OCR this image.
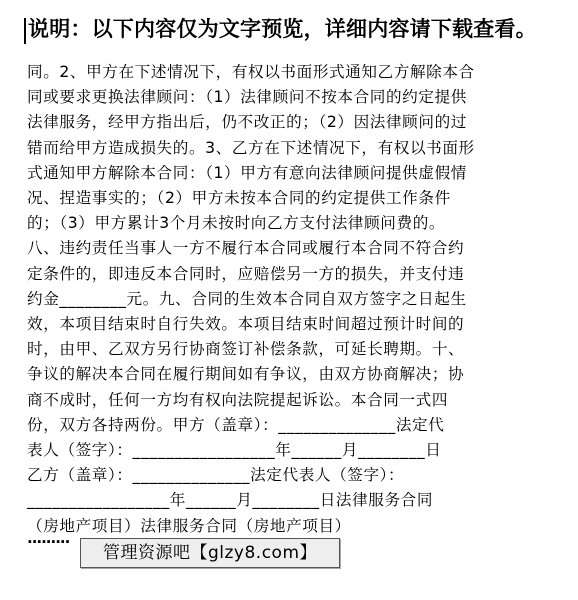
说明：以下内容仅为文字预览，详细内容请下载查看。
同。2、甲方在下述情况下，有权以书面形式通知乙方解除本合
同或要求更换法律顾问：（1）法律顾问不按本合同的约定提供
法律服务，经甲方指出后，仍不改正的；（2）因法律顾问的过
错而给甲方造成损失的。3、乙方在下述情况下，有权以书面形
式通知甲方解除本合同：（1）甲方有意向法律顾问提供虚假情
况、捏造事实的；（2）甲方未按本合同的约定提供工作条件
的；（3）甲方累计3个月未按时向乙方支付法律顾问费的。
八、违约责任当事人一方不履行本合同或履行本合同不符合约
定条件的，即违反本合同时，应赔偿另一方的损失，并支付违
约金________元。九、合同的生效本合同自双方签字之日起生
效，本项目结束时自行失效。本项目结束时间超过预计时间的
时，由甲、乙双方另行协商签订补偿条款，可延长聘期。十、
争议的解决本合同在履行期间如有争议，由双方协商解决；协
商不成时，任何一方均有权向法院提起诉讼。本合同一式四
份，双方各持两份。甲方（盖章）：______________法定代
表人（签字）：_________________年______月________日
乙方（盖章）：______________法定代表人（签字）：
_________________年______月________日法律服务合同
（房地产项目）法律服务合同（房地产项目）
·········
管理资源吧【glzy8.com】
